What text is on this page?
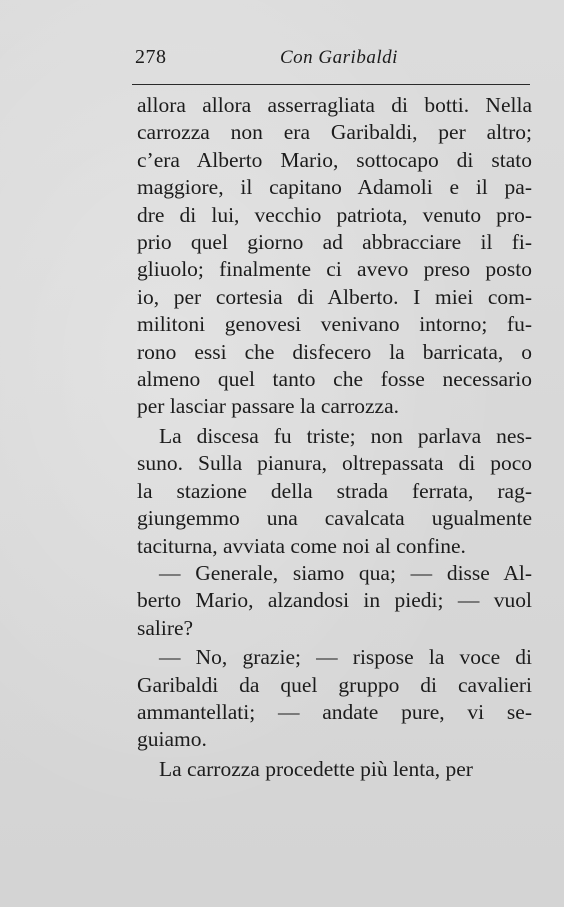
278	Con Garibaldi
allora allora asserragliata di botti. Nella
carrozza non era Garibaldi, per altro;
c’era Alberto Mario, sottocapo di stato
maggiore, il capitano Adamoli e il pa-
dre di lui, vecchio patriota, venuto pro-
prio quel giorno ad abbracciare il fi-
gliuolo; finalmente ci avevo preso posto
io, per cortesia di Alberto. I miei com-
militoni genovesi venivano intorno; fu-
rono essi che disfecero la barricata, o
almeno quel tanto che fosse necessario
per lasciar passare la carrozza.
La discesa fu triste; non parlava nes-
suno. Sulla pianura, oltrepassata di poco
la stazione della strada ferrata, rag-
giungemmo una cavalcata ugualmente
taciturna, avviata come noi al confine.
— Generale, siamo qua; — disse Al-
berto Mario, alzandosi in piedi; — vuol
salire?
— No, grazie; — rispose la voce di
Garibaldi da quel gruppo di cavalieri
ammantellati; — andate pure, vi se-
guiamo.
La carrozza procedette più lenta, per
